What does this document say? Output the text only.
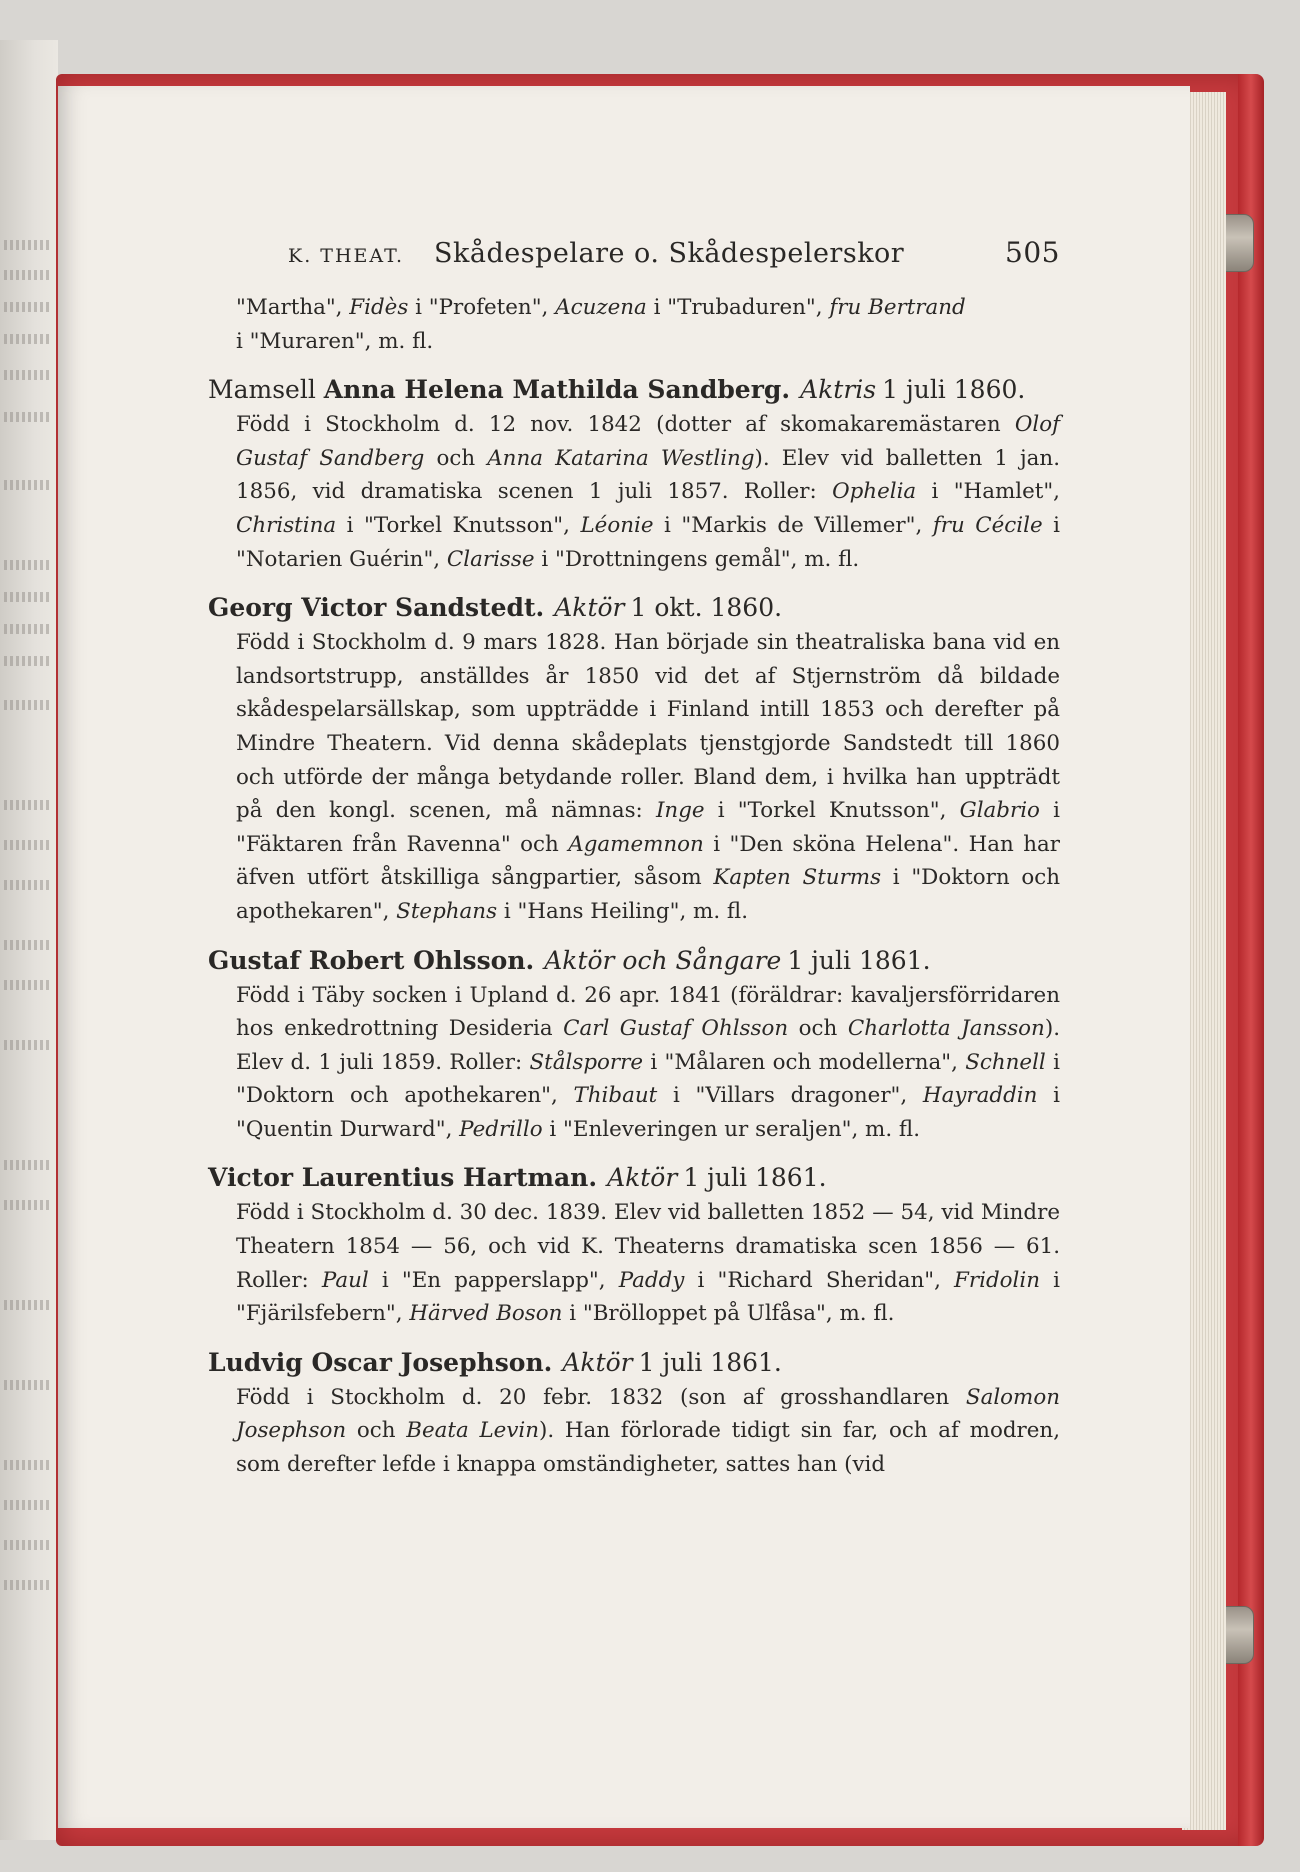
K. THEAT. Skådespelare o. Skådespelerskor	505
"Martha", Fidès i "Profeten", Acuzena i "Trubaduren", fru Bertrand
i "Muraren", m. fl.
Mamsell Anna Helena Mathilda Sandberg. Aktris 1 juli 1860.
Född i Stockholm d. 12 nov. 1842 (dotter af skomakaremästaren Olof Gustaf Sandberg och Anna Katarina Westling). Elev vid balletten 1 jan. 1856, vid dramatiska scenen 1 juli 1857. Roller: Ophelia i "Hamlet", Christina i "Torkel Knutsson", Léonie i "Markis de Villemer", fru Cécile i "Notarien Guérin", Clarisse i "Drottningens gemål", m. fl.
Georg Victor Sandstedt. Aktör 1 okt. 1860.
Född i Stockholm d. 9 mars 1828. Han började sin theatraliska bana vid en landsortstrupp, anställdes år 1850 vid det af Stjernström då bildade skådespelarsällskap, som uppträdde i Finland intill 1853 och derefter på Mindre Theatern. Vid denna skådeplats tjenstgjorde Sandstedt till 1860 och utförde der många betydande roller. Bland dem, i hvilka han uppträdt på den kongl. scenen, må nämnas: Inge i "Torkel Knutsson", Glabrio i "Fäktaren från Ravenna" och Agamemnon i "Den sköna Helena". Han har äfven utfört åtskilliga sångpartier, såsom Kapten Sturms i "Doktorn och apothekaren", Stephans i "Hans Heiling", m. fl.
Gustaf Robert Ohlsson. Aktör och Sångare 1 juli 1861.
Född i Täby socken i Upland d. 26 apr. 1841 (föräldrar: kavaljersförridaren hos enkedrottning Desideria Carl Gustaf Ohlsson och Charlotta Jansson). Elev d. 1 juli 1859. Roller: Stålsporre i "Målaren och modellerna", Schnell i "Doktorn och apothekaren", Thibaut i "Villars dragoner", Hayraddin i "Quentin Durward", Pedrillo i "Enleveringen ur seraljen", m. fl.
Victor Laurentius Hartman. Aktör 1 juli 1861.
Född i Stockholm d. 30 dec. 1839. Elev vid balletten 1852 — 54, vid Mindre Theatern 1854 — 56, och vid K. Theaterns dramatiska scen 1856 — 61. Roller: Paul i "En papperslapp", Paddy i "Richard Sheridan", Fridolin i "Fjärilsfebern", Härved Boson i "Bröllоppet på Ulfåsa", m. fl.
Ludvig Oscar Josephson. Aktör 1 juli 1861.
Född i Stockholm d. 20 febr. 1832 (son af grosshandlaren Salomon Josephson och Beata Levin). Han förlorade tidigt sin far, och af modren, som derefter lefde i knappa omständigheter, sattes han (vid
